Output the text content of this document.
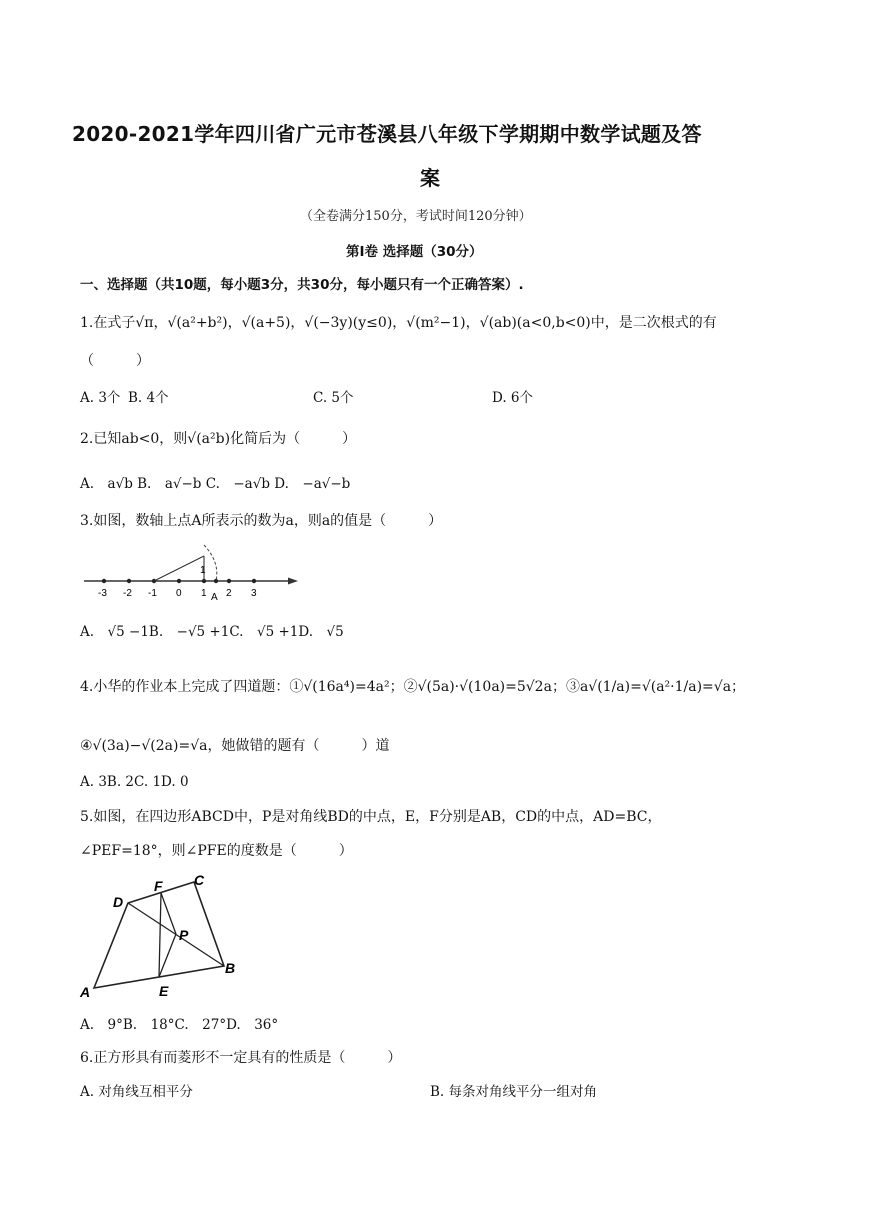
2020-2021学年四川省广元市苍溪县八年级下学期期中数学试题及答
案
（全卷满分150分，考试时间120分钟）
第Ⅰ卷 选择题（30分）
一、选择题（共10题，每小题3分，共30分，每小题只有一个正确答案）.
1.在式子√π，√(a²+b²)，√(a+5)，√(−3y)(y≤0)，√(m²−1)，√(ab)(a<0,b<0)中，是二次根式的有
（　　　）
A. 3个 B. 4个	C. 5个	D. 6个
2.已知ab<0，则√(a²b)化简后为（　　　）
A.　a√b B.　a√−b C.　−a√b D.　−a√−b
3.如图，数轴上点A所表示的数为a，则a的值是（　　　）
1
A
-3 -2 -1 0 1 2 3
A.　√5 −1B.　−√5 +1C.　√5 +1D.　√5
4.小华的作业本上完成了四道题：①√(16a⁴)=4a²；②√(5a)·√(10a)=5√2a；③a√(1/a)=√(a²·1/a)=√a；
④√(3a)−√(2a)=√a，她做错的题有（　　　）道
A. 3B. 2C. 1D. 0
5.如图，在四边形ABCD中，P是对角线BD的中点，E，F分别是AB，CD的中点，AD=BC，
∠PEF=18°，则∠PFE的度数是（　　　）
A
B
C
D
E
F
P
A.　9°B.　18°C.　27°D.　36°
6.正方形具有而菱形不一定具有的性质是（　　　）
A. 对角线互相平分	B. 每条对角线平分一组对角
